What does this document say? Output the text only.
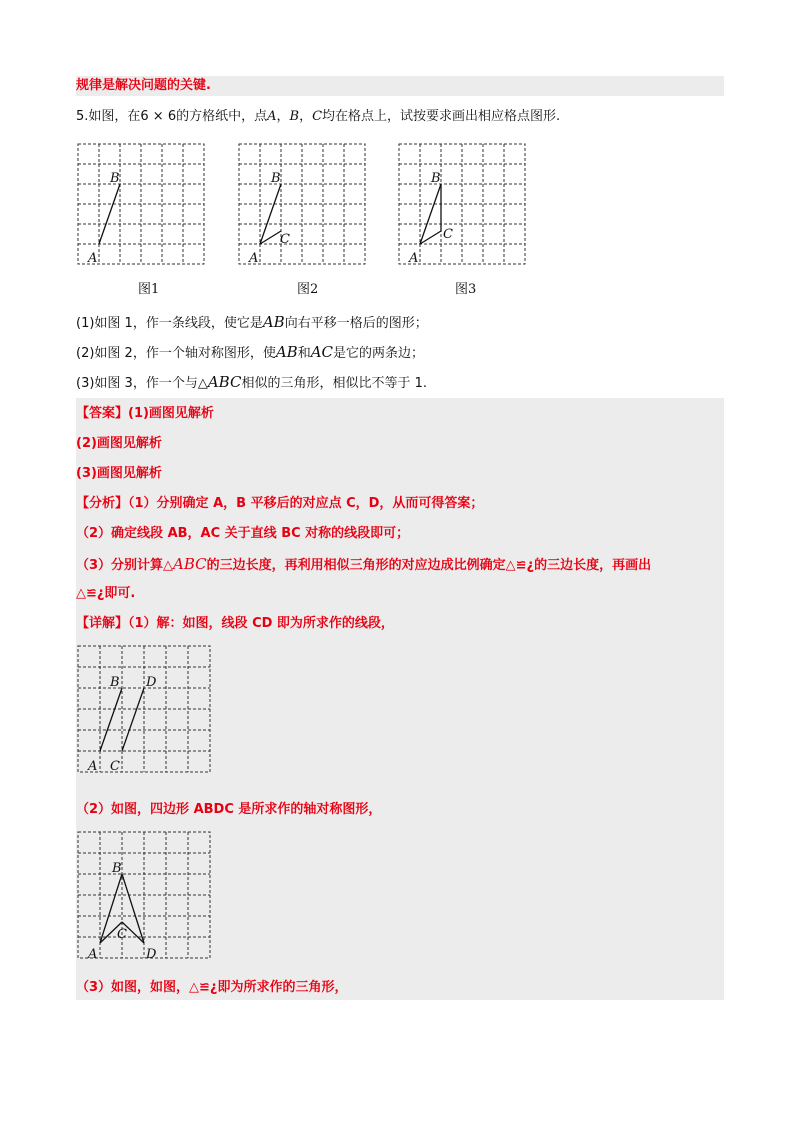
规律是解决问题的关键.
5.如图，在6 × 6的方格纸中，点A，B，C均在格点上，试按要求画出相应格点图形.
B
A
图1
B
C
A
图2
B
C
A
图3
(1)如图 1，作一条线段，使它是AB向右平移一格后的图形；
(2)如图 2，作一个轴对称图形，使AB和AC是它的两条边；
(3)如图 3，作一个与△ABC相似的三角形，相似比不等于 1.
【答案】(1)画图见解析
(2)画图见解析
(3)画图见解析
【分析】（1）分别确定 A，B 平移后的对应点 C，D，从而可得答案；
（2）确定线段 AB，AC 关于直线 BC 对称的线段即可；
（3）分别计算△ABC的三边长度，再利用相似三角形的对应边成比例确定△≌¿的三边长度，再画出
△≌¿即可.
【详解】（1）解：如图，线段 CD 即为所求作的线段，
B D
A C
（2）如图，四边形 ABDC 是所求作的轴对称图形，
B
C
A	D
（3）如图，如图，△≌¿即为所求作的三角形，
